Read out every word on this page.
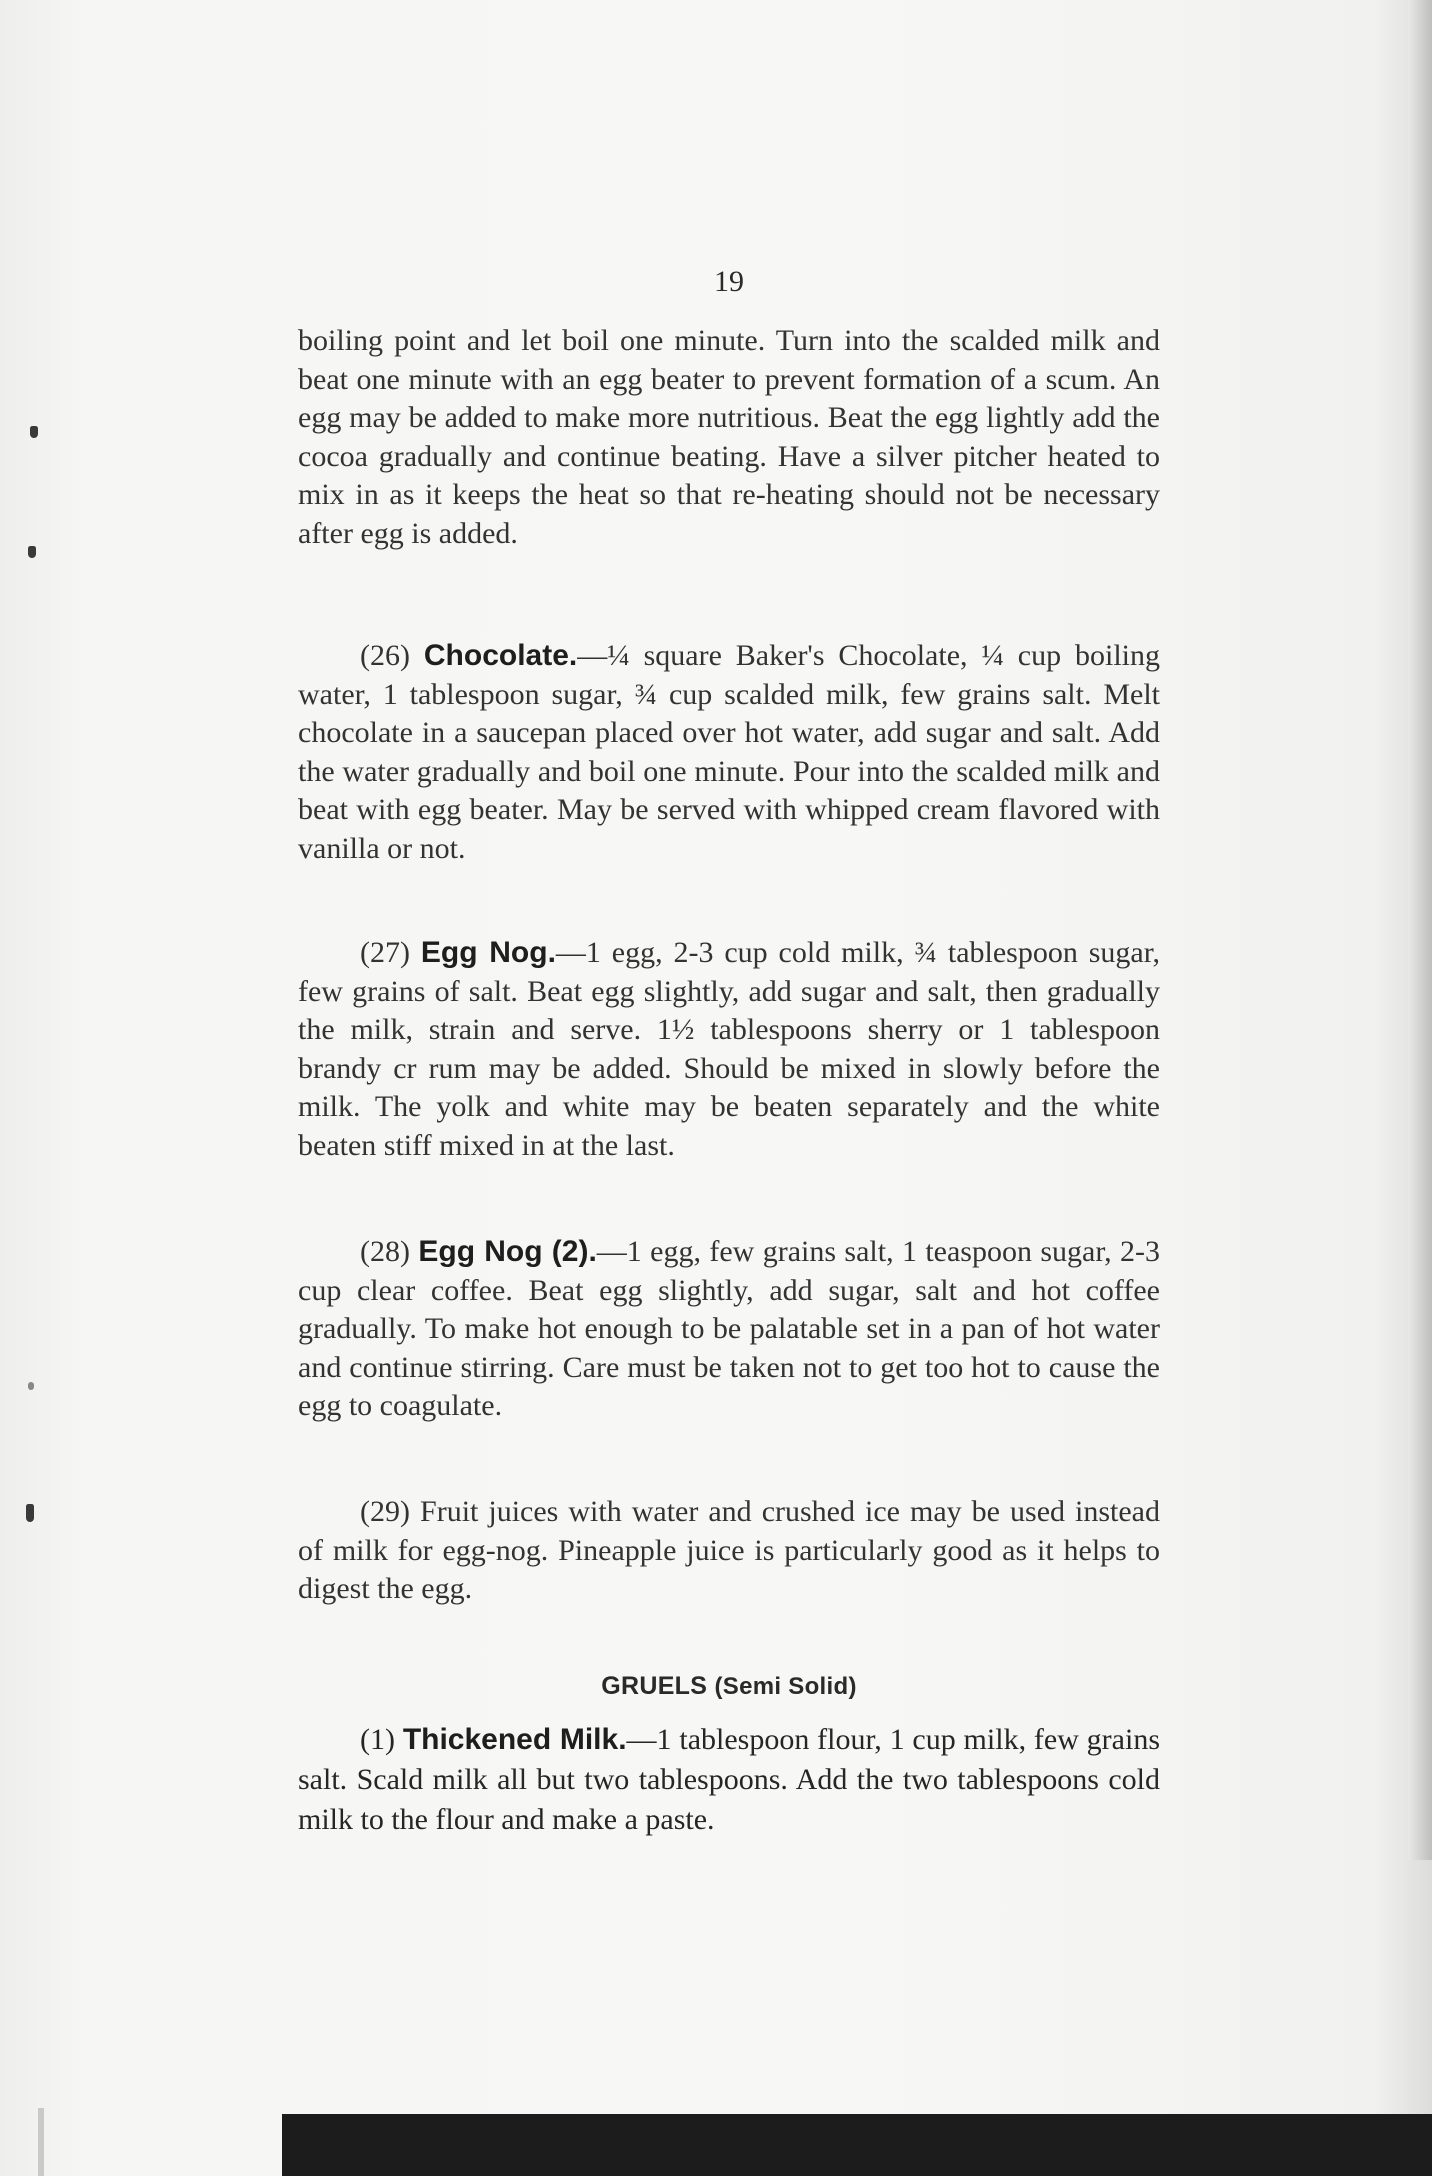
19

boiling point and let boil one minute. Turn into the scalded milk and beat one minute with an egg beater to prevent formation of a scum. An egg may be added to make more nutritious. Beat the egg lightly add the cocoa gradually and continue beating. Have a silver pitcher heated to mix in as it keeps the heat so that re-heating should not be necessary after egg is added.

(26) Chocolate.—¼ square Baker's Chocolate, ¼ cup boiling water, 1 tablespoon sugar, ¾ cup scalded milk, few grains salt. Melt chocolate in a saucepan placed over hot water, add sugar and salt. Add the water gradually and boil one minute. Pour into the scalded milk and beat with egg beater. May be served with whipped cream flavored with vanilla or not.

(27) Egg Nog.—1 egg, 2-3 cup cold milk, ¾ tablespoon sugar, few grains of salt. Beat egg slightly, add sugar and salt, then gradually the milk, strain and serve. 1½ tablespoons sherry or 1 tablespoon brandy cr rum may be added. Should be mixed in slowly before the milk. The yolk and white may be beaten separately and the white beaten stiff mixed in at the last.

(28) Egg Nog (2).—1 egg, few grains salt, 1 teaspoon sugar, 2-3 cup clear coffee. Beat egg slightly, add sugar, salt and hot coffee gradually. To make hot enough to be palatable set in a pan of hot water and continue stirring. Care must be taken not to get too hot to cause the egg to coagulate.

(29) Fruit juices with water and crushed ice may be used instead of milk for egg-nog. Pineapple juice is particularly good as it helps to digest the egg.

GRUELS (Semi Solid)

(1) Thickened Milk.—1 tablespoon flour, 1 cup milk, few grains salt. Scald milk all but two tablespoons. Add the two tablespoons cold milk to the flour and make a paste.
